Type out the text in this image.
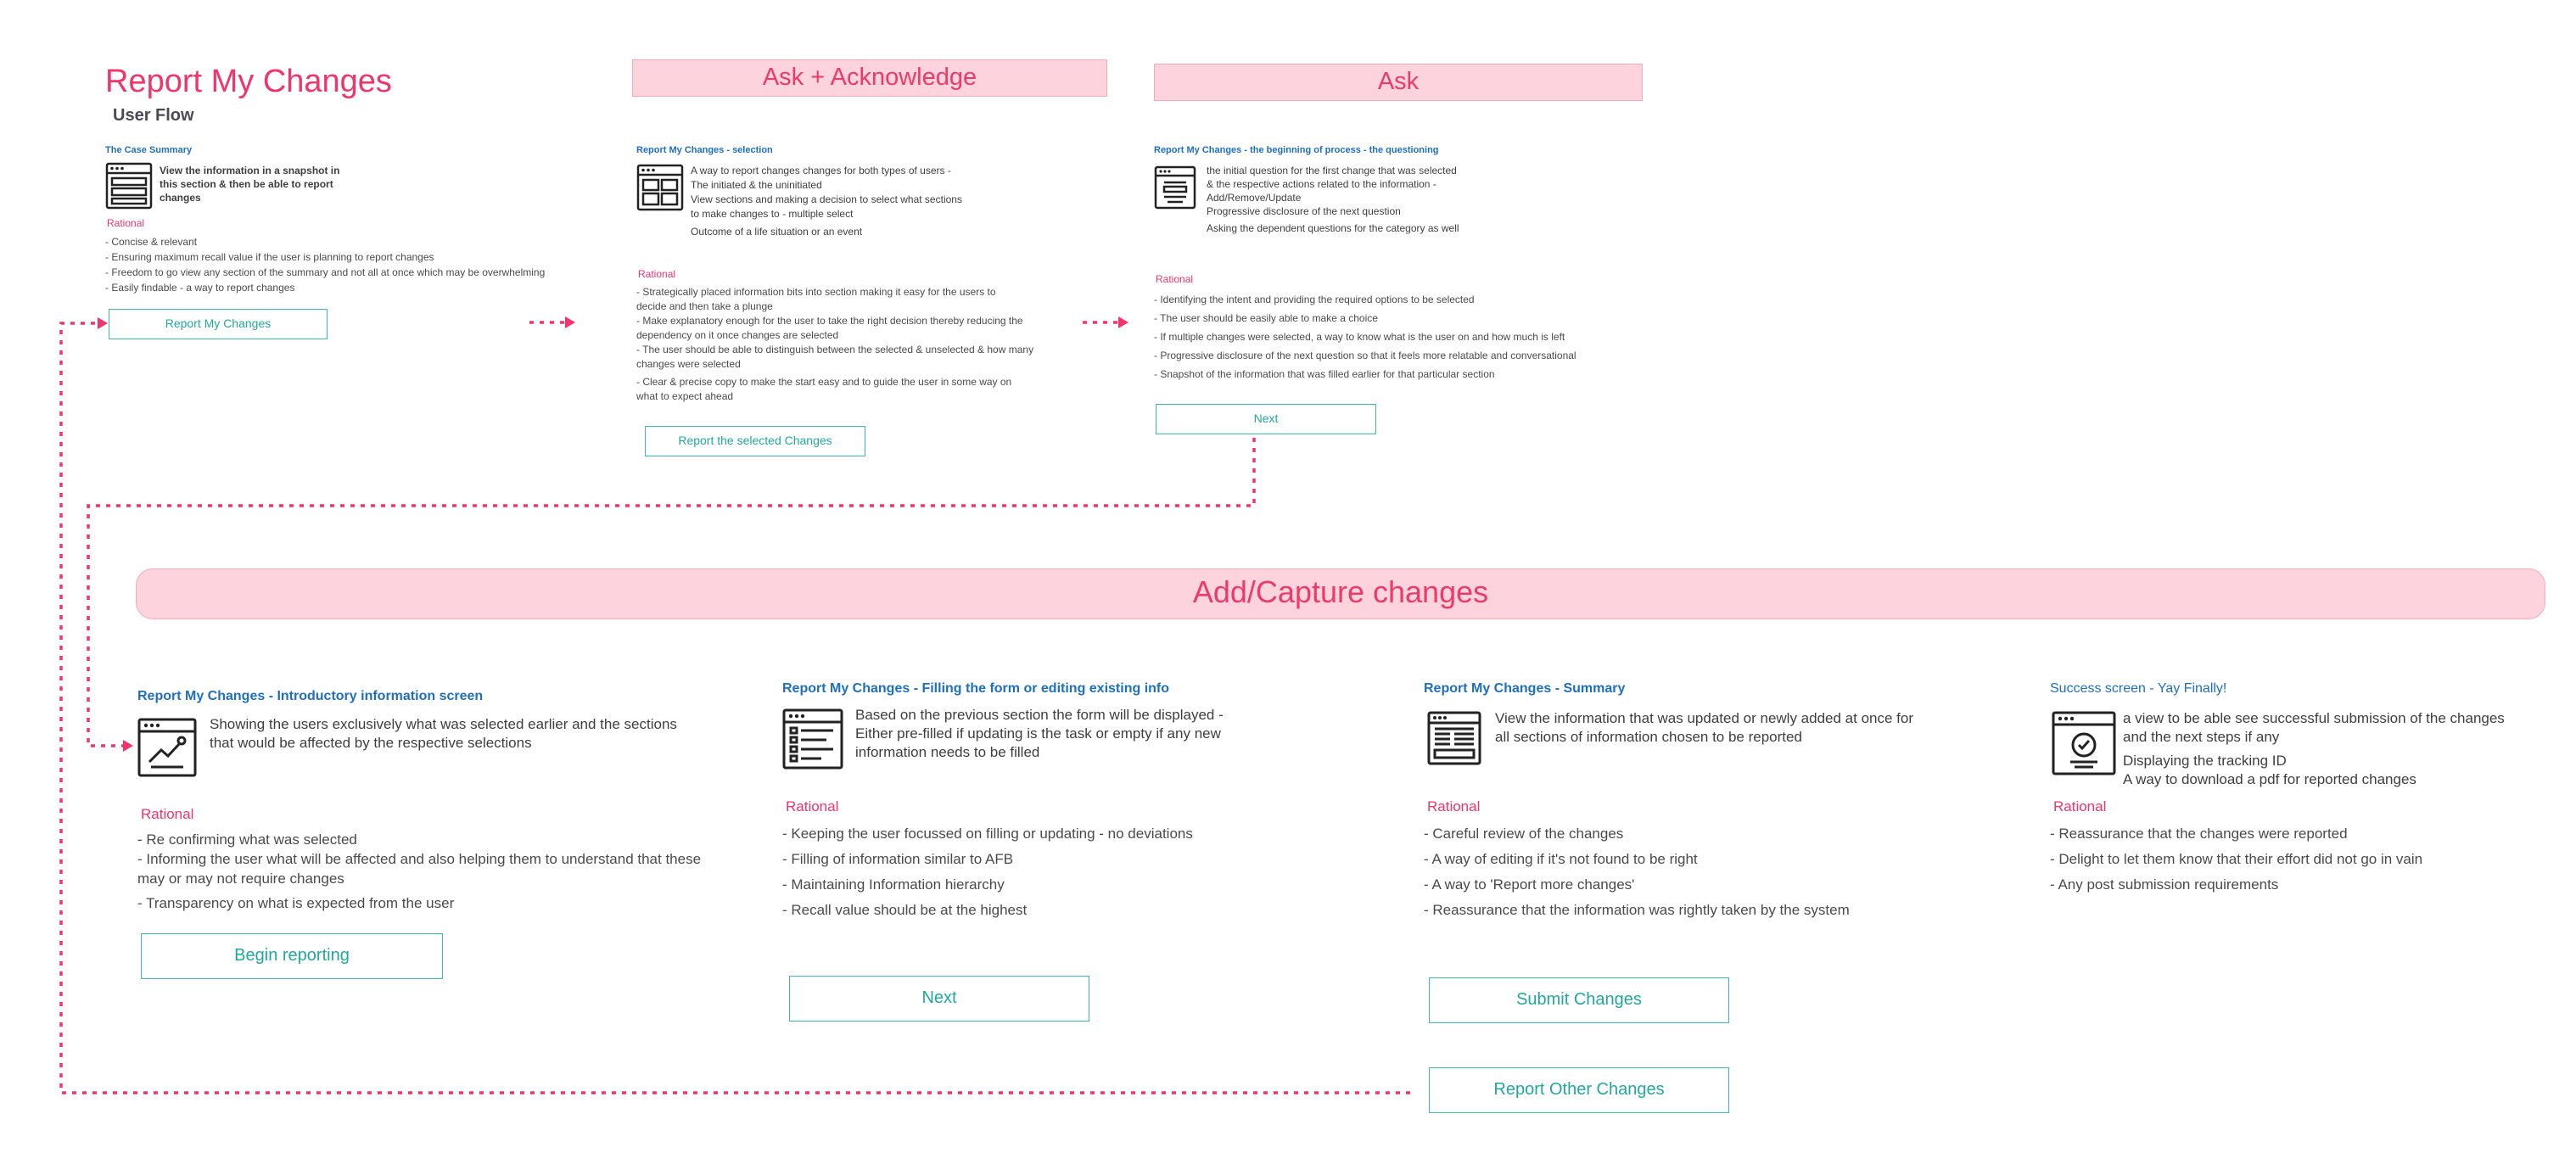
Report My Changes
User Flow
Ask + Acknowledge	Ask
Add/Capture changes
The Case Summary
View the information in a snapshot in
this section & then be able to report
changes
Rational
- Concise & relevant
- Ensuring maximum recall value if the user is planning to report changes
- Freedom to go view any section of the summary and not all at once which may be overwhelming
- Easily findable - a way to report changes
Report My Changes
Report My Changes - selection
A way to report changes changes for both types of users -
The initiated & the uninitiated
View sections and making a decision to select what sections
to make changes to - multiple select
Outcome of a life situation or an event
Rational
- Strategically placed information bits into section making it easy for the users to
decide and then take a plunge
- Make explanatory enough for the user to take the right decision thereby reducing the
dependency on it once changes are selected
- The user should be able to distinguish between the selected & unselected & how many
changes were selected
- Clear & precise copy to make the start easy and to guide the user in some way on
what to expect ahead
Report the selected Changes
Report My Changes - the beginning of process - the questioning
the initial question for the first change that was selected
& the respective actions related to the information -
Add/Remove/Update
Progressive disclosure of the next question
Asking the dependent questions for the category as well
Rational
- Identifying the intent and providing the required options to be selected
- The user should be easily able to make a choice
- If multiple changes were selected, a way to know what is the user on and how much is left
- Progressive disclosure of the next question so that it feels more relatable and conversational
- Snapshot of the information that was filled earlier for that particular section
Next
Report My Changes - Introductory information screen
Showing the users exclusively what was selected earlier and the sections
that would be affected by the respective selections
Rational
- Re confirming what was selected
- Informing the user what will be affected and also helping them to understand that these
may or may not require changes
- Transparency on what is expected from the user
Begin reporting
Report My Changes - Filling the form or editing existing info
Based on the previous section the form will be displayed -
Either pre-filled if updating is the task or empty if any new
information needs to be filled
Rational
- Keeping the user focussed on filling or updating - no deviations
- Filling of information similar to AFB
- Maintaining Information hierarchy
- Recall value should be at the highest
Next
Report My Changes - Summary
View the information that was updated or newly added at once for
all sections of information chosen to be reported
Rational
- Careful review of the changes
- A way of editing if it's not found to be right
- A way to 'Report more changes'
- Reassurance that the information was rightly taken by the system
Submit Changes
Report Other Changes
Success screen - Yay Finally!
a view to be able see successful submission of the changes
and the next steps if any
Displaying the tracking ID
A way to download a pdf for reported changes
Rational
- Reassurance that the changes were reported
- Delight to let them know that their effort did not go in vain
- Any post submission requirements
